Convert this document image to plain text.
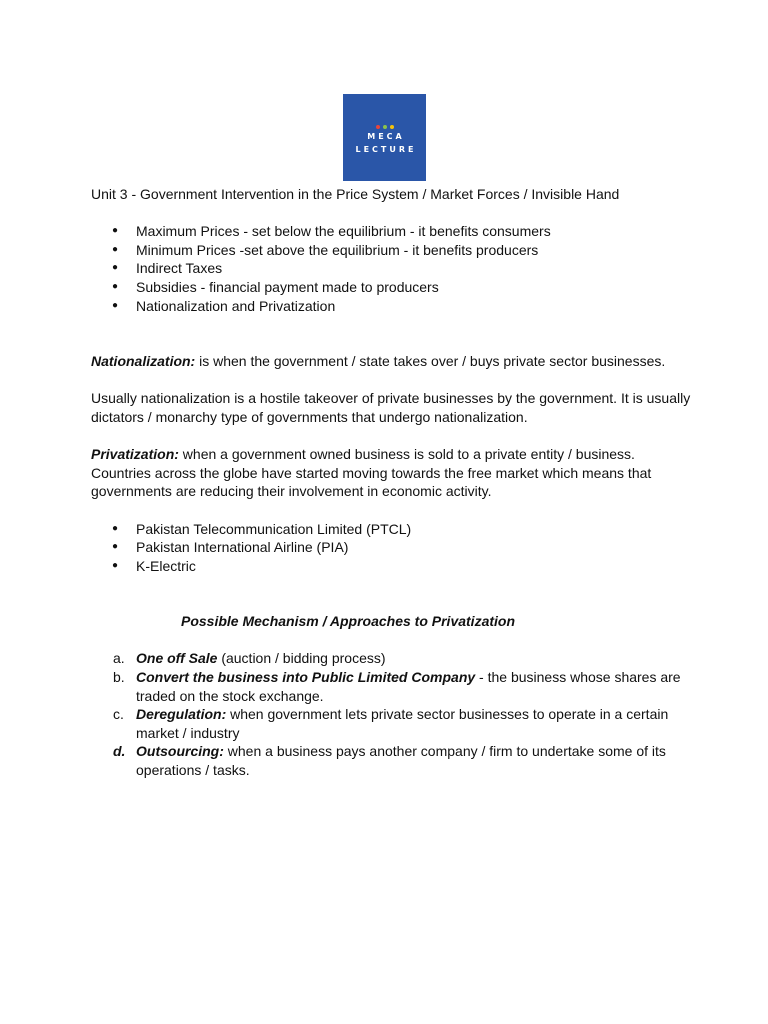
MECA
LECTURE

Unit 3 - Government Intervention in the Price System / Market Forces / Invisible Hand

● Maximum Prices - set below the equilibrium - it benefits consumers
● Minimum Prices -set above the equilibrium - it benefits producers
● Indirect Taxes
● Subsidies - financial payment made to producers
● Nationalization and Privatization

Nationalization: is when the government / state takes over / buys private sector businesses.

Usually nationalization is a hostile takeover of private businesses by the government. It is usually dictators / monarchy type of governments that undergo nationalization.

Privatization: when a government owned business is sold to a private entity / business. Countries across the globe have started moving towards the free market which means that governments are reducing their involvement in economic activity.

● Pakistan Telecommunication Limited (PTCL)
● Pakistan International Airline (PIA)
● K-Electric

Possible Mechanism / Approaches to Privatization

a. One off Sale (auction / bidding process)
b. Convert the business into Public Limited Company - the business whose shares are traded on the stock exchange.
c. Deregulation: when government lets private sector businesses to operate in a certain market / industry
d. Outsourcing: when a business pays another company / firm to undertake some of its operations / tasks.
